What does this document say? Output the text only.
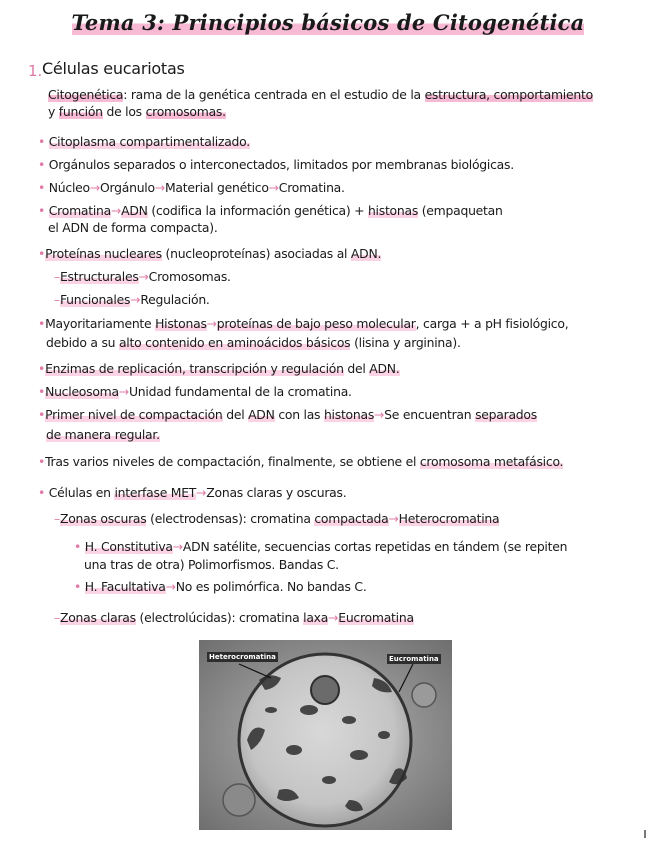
Tema 3: Principios básicos de Citogenética
1. Células eucariotas
Citogenética: rama de la genética centrada en el estudio de la estructura, comportamiento
y función de los cromosomas.
• Citoplasma compartimentalizado.
• Orgánulos separados o interconectados, limitados por membranas biológicas.
• Núcleo→Orgánulo→Material genético→Cromatina.
• Cromatina→ADN (codifica la información genética) + histonas (empaquetan
el ADN de forma compacta).
•Proteínas nucleares (nucleoproteínas) asociadas al ADN.
–Estructurales→Cromosomas.
–Funcionales→Regulación.
•Mayoritariamente Histonas→proteínas de bajo peso molecular, carga + a pH fisiológico,
debido a su alto contenido en aminoácidos básicos (lisina y arginina).
•Enzimas de replicación, transcripción y regulación del ADN.
•Nucleosoma→Unidad fundamental de la cromatina.
•Primer nivel de compactación del ADN con las histonas→Se encuentran separados
de manera regular.
•Tras varios niveles de compactación, finalmente, se obtiene el cromosoma metafásico.
• Células en interfase MET→Zonas claras y oscuras.
–Zonas oscuras (electrodensas): cromatina compactada→Heterocromatina
• H. Constitutiva→ADN satélite, secuencias cortas repetidas en tándem (se repiten
una tras de otra) Polimorfismos. Bandas C.
• H. Facultativa→No es polimórfica. No bandas C.
–Zonas claras (electrolúcidas): cromatina laxa→Eucromatina
Heterocromatina	Eucromatina
